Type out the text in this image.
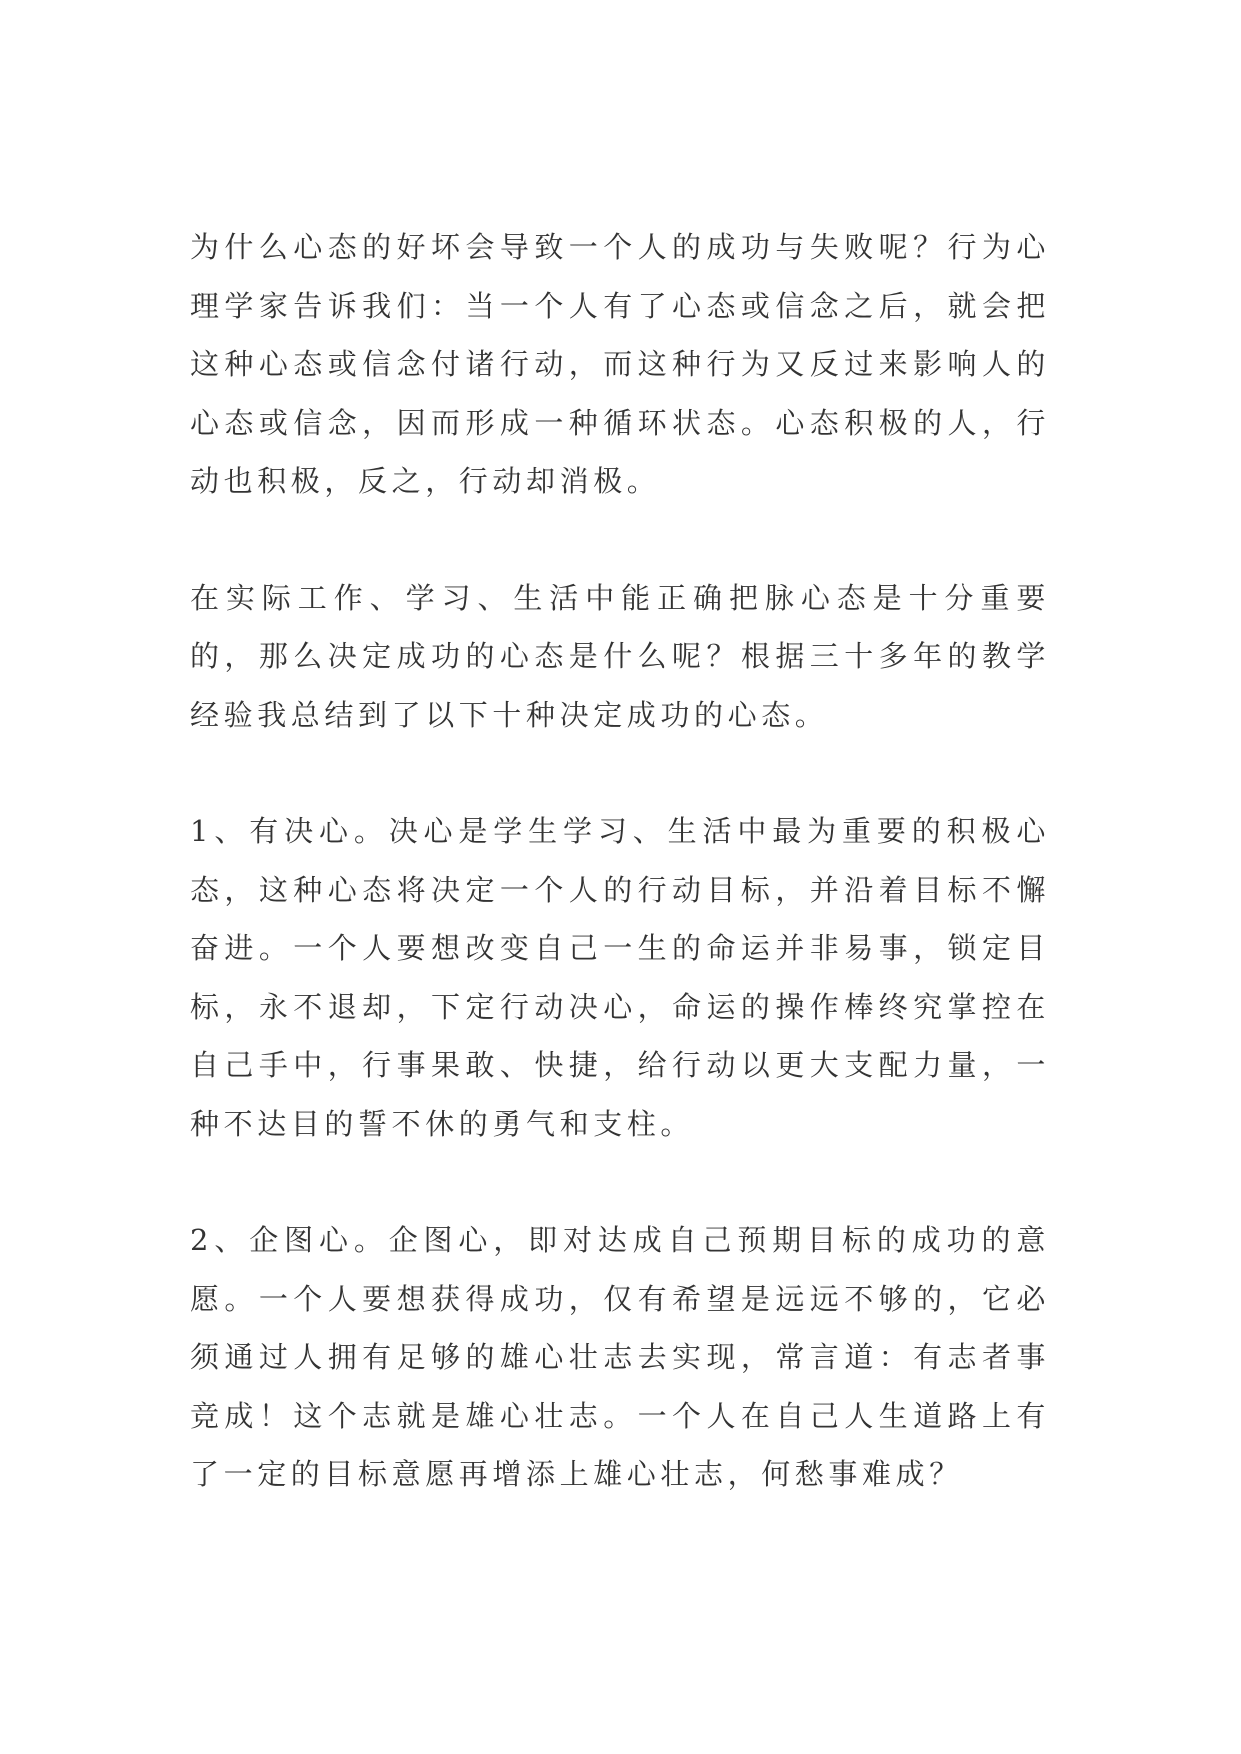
为什么心态的好坏会导致一个人的成功与失败呢？行为心理学家告诉我们：当一个人有了心态或信念之后，就会把这种心态或信念付诸行动，而这种行为又反过来影响人的心态或信念，因而形成一种循环状态。心态积极的人，行动也积极，反之，行动却消极。

在实际工作、学习、生活中能正确把脉心态是十分重要的，那么决定成功的心态是什么呢？根据三十多年的教学经验我总结到了以下十种决定成功的心态。

1、有决心。决心是学生学习、生活中最为重要的积极心态，这种心态将决定一个人的行动目标，并沿着目标不懈奋进。一个人要想改变自己一生的命运并非易事，锁定目标，永不退却，下定行动决心，命运的操作棒终究掌控在自己手中，行事果敢、快捷，给行动以更大支配力量，一种不达目的誓不休的勇气和支柱。

2、企图心。企图心，即对达成自己预期目标的成功的意愿。一个人要想获得成功，仅有希望是远远不够的，它必须通过人拥有足够的雄心壮志去实现，常言道：有志者事竞成！这个志就是雄心壮志。一个人在自己人生道路上有了一定的目标意愿再增添上雄心壮志，何愁事难成？
